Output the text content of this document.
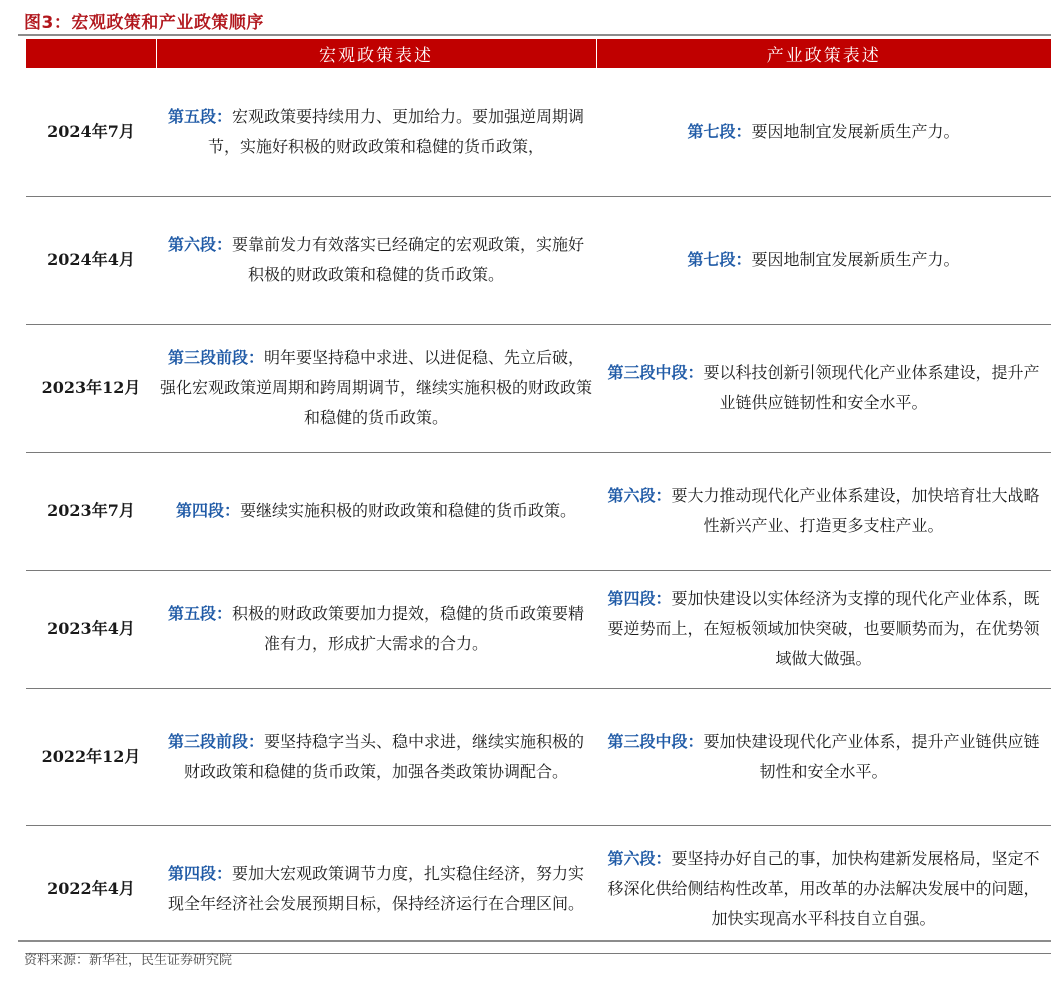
图3：宏观政策和产业政策顺序
	宏观政策表述	产业政策表述
2024年7月	第五段：宏观政策要持续用力、更加给力。要加强逆周期调节，实施好积极的财政政策和稳健的货币政策，	第七段：要因地制宜发展新质生产力。
2024年4月	第六段：要靠前发力有效落实已经确定的宏观政策，实施好积极的财政政策和稳健的货币政策。	第七段：要因地制宜发展新质生产力。
2023年12月	第三段前段：明年要坚持稳中求进、以进促稳、先立后破，强化宏观政策逆周期和跨周期调节，继续实施积极的财政政策和稳健的货币政策。	第三段中段：要以科技创新引领现代化产业体系建设，提升产业链供应链韧性和安全水平。
2023年7月	第四段：要继续实施积极的财政政策和稳健的货币政策。	第六段：要大力推动现代化产业体系建设，加快培育壮大战略性新兴产业、打造更多支柱产业。
2023年4月	第五段：积极的财政政策要加力提效，稳健的货币政策要精准有力，形成扩大需求的合力。	第四段：要加快建设以实体经济为支撑的现代化产业体系，既要逆势而上，在短板领域加快突破，也要顺势而为，在优势领域做大做强。
2022年12月	第三段前段：要坚持稳字当头、稳中求进，继续实施积极的财政政策和稳健的货币政策，加强各类政策协调配合。	第三段中段：要加快建设现代化产业体系，提升产业链供应链韧性和安全水平。
2022年4月	第四段：要加大宏观政策调节力度，扎实稳住经济，努力实现全年经济社会发展预期目标，保持经济运行在合理区间。	第六段：要坚持办好自己的事，加快构建新发展格局，坚定不移深化供给侧结构性改革，用改革的办法解决发展中的问题，加快实现高水平科技自立自强。
资料来源：新华社，民生证券研究院
